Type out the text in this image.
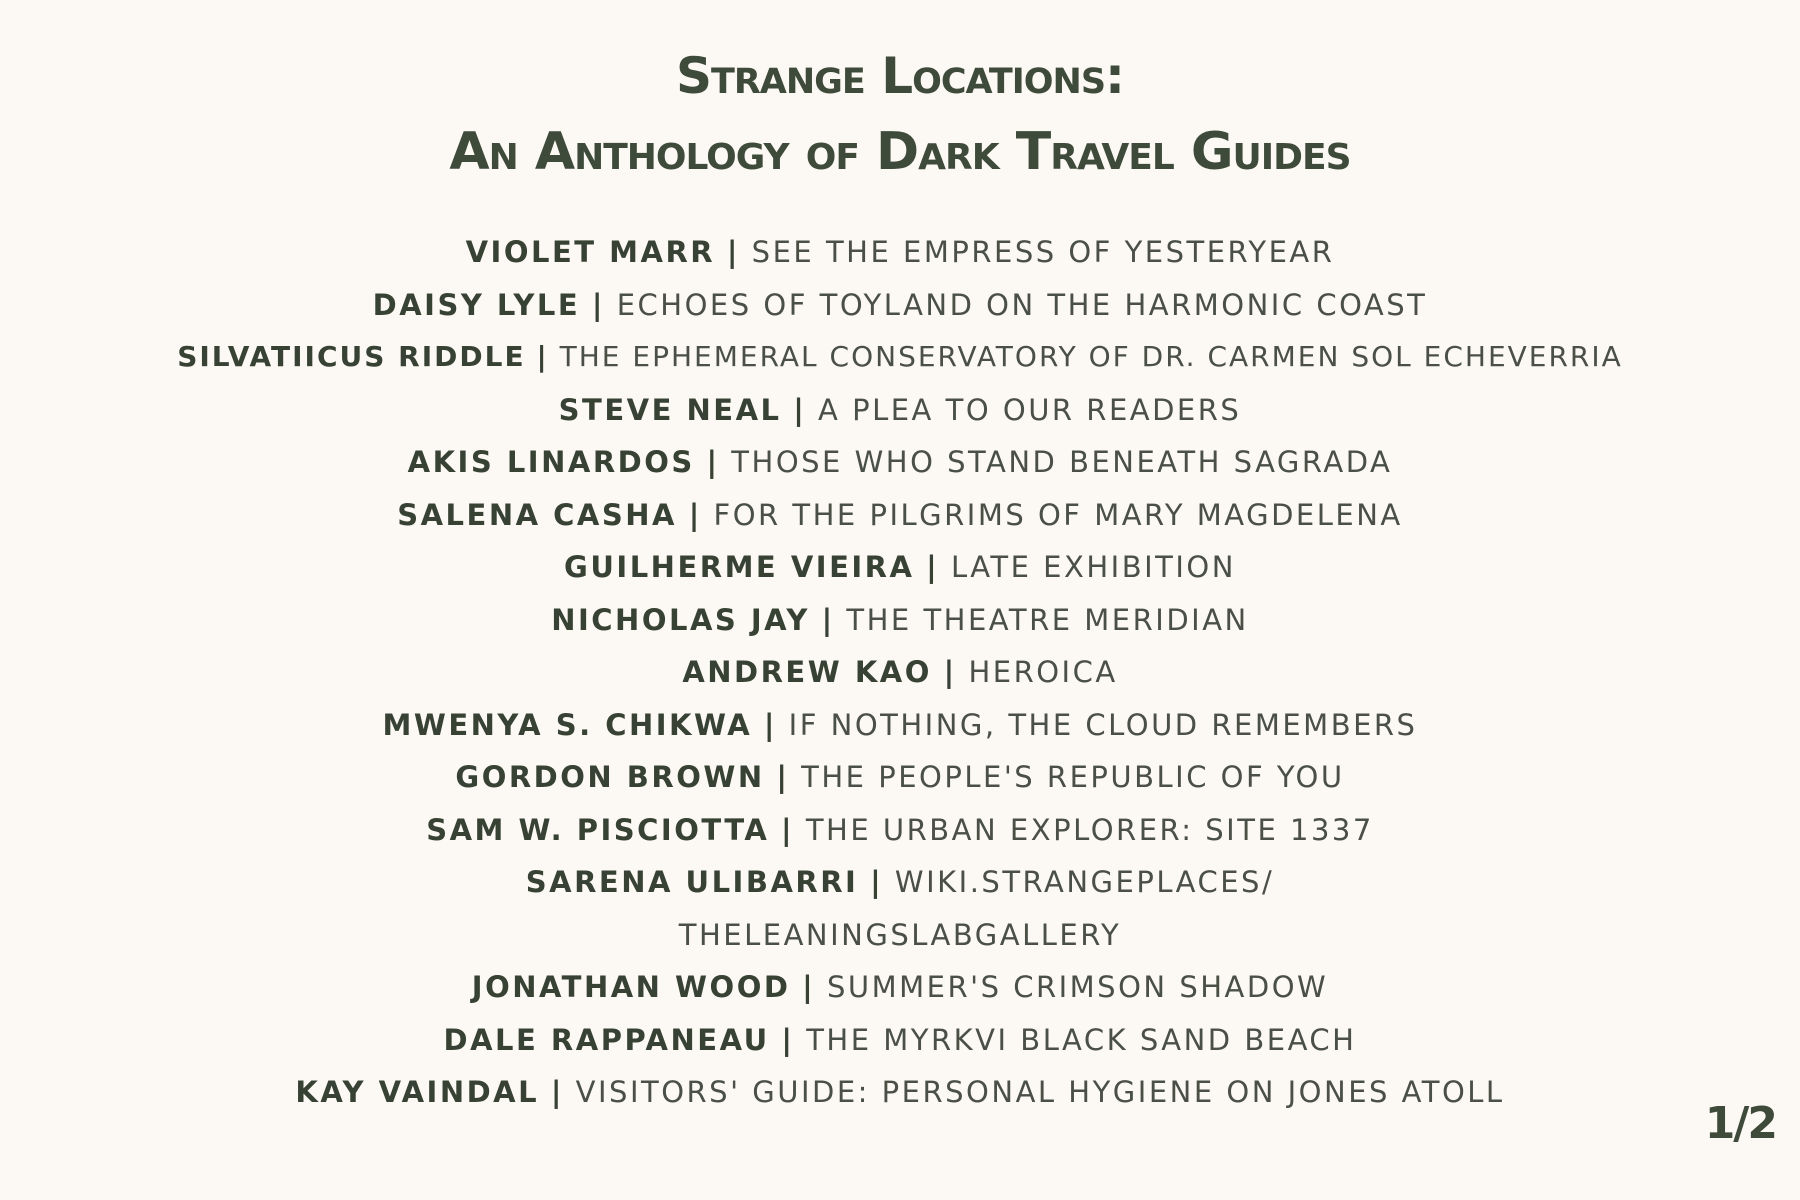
Strange Locations:
An Anthology of Dark Travel Guides
VIOLET MARR | SEE THE EMPRESS OF YESTERYEAR
DAISY LYLE | ECHOES OF TOYLAND ON THE HARMONIC COAST
SILVATIICUS RIDDLE | THE EPHEMERAL CONSERVATORY OF DR. CARMEN SOL ECHEVERRIA
STEVE NEAL | A PLEA TO OUR READERS
AKIS LINARDOS | THOSE WHO STAND BENEATH SAGRADA
SALENA CASHA | FOR THE PILGRIMS OF MARY MAGDELENA
GUILHERME VIEIRA | LATE EXHIBITION
NICHOLAS JAY | THE THEATRE MERIDIAN
ANDREW KAO | HEROICA
MWENYA S. CHIKWA | IF NOTHING, THE CLOUD REMEMBERS
GORDON BROWN | THE PEOPLE'S REPUBLIC OF YOU
SAM W. PISCIOTTA | THE URBAN EXPLORER: SITE 1337
SARENA ULIBARRI | WIKI.STRANGEPLACES/
THELEANINGSLABGALLERY
JONATHAN WOOD | SUMMER'S CRIMSON SHADOW
DALE RAPPANEAU | THE MYRKVI BLACK SAND BEACH
KAY VAINDAL | VISITORS' GUIDE: PERSONAL HYGIENE ON JONES ATOLL
1/2
